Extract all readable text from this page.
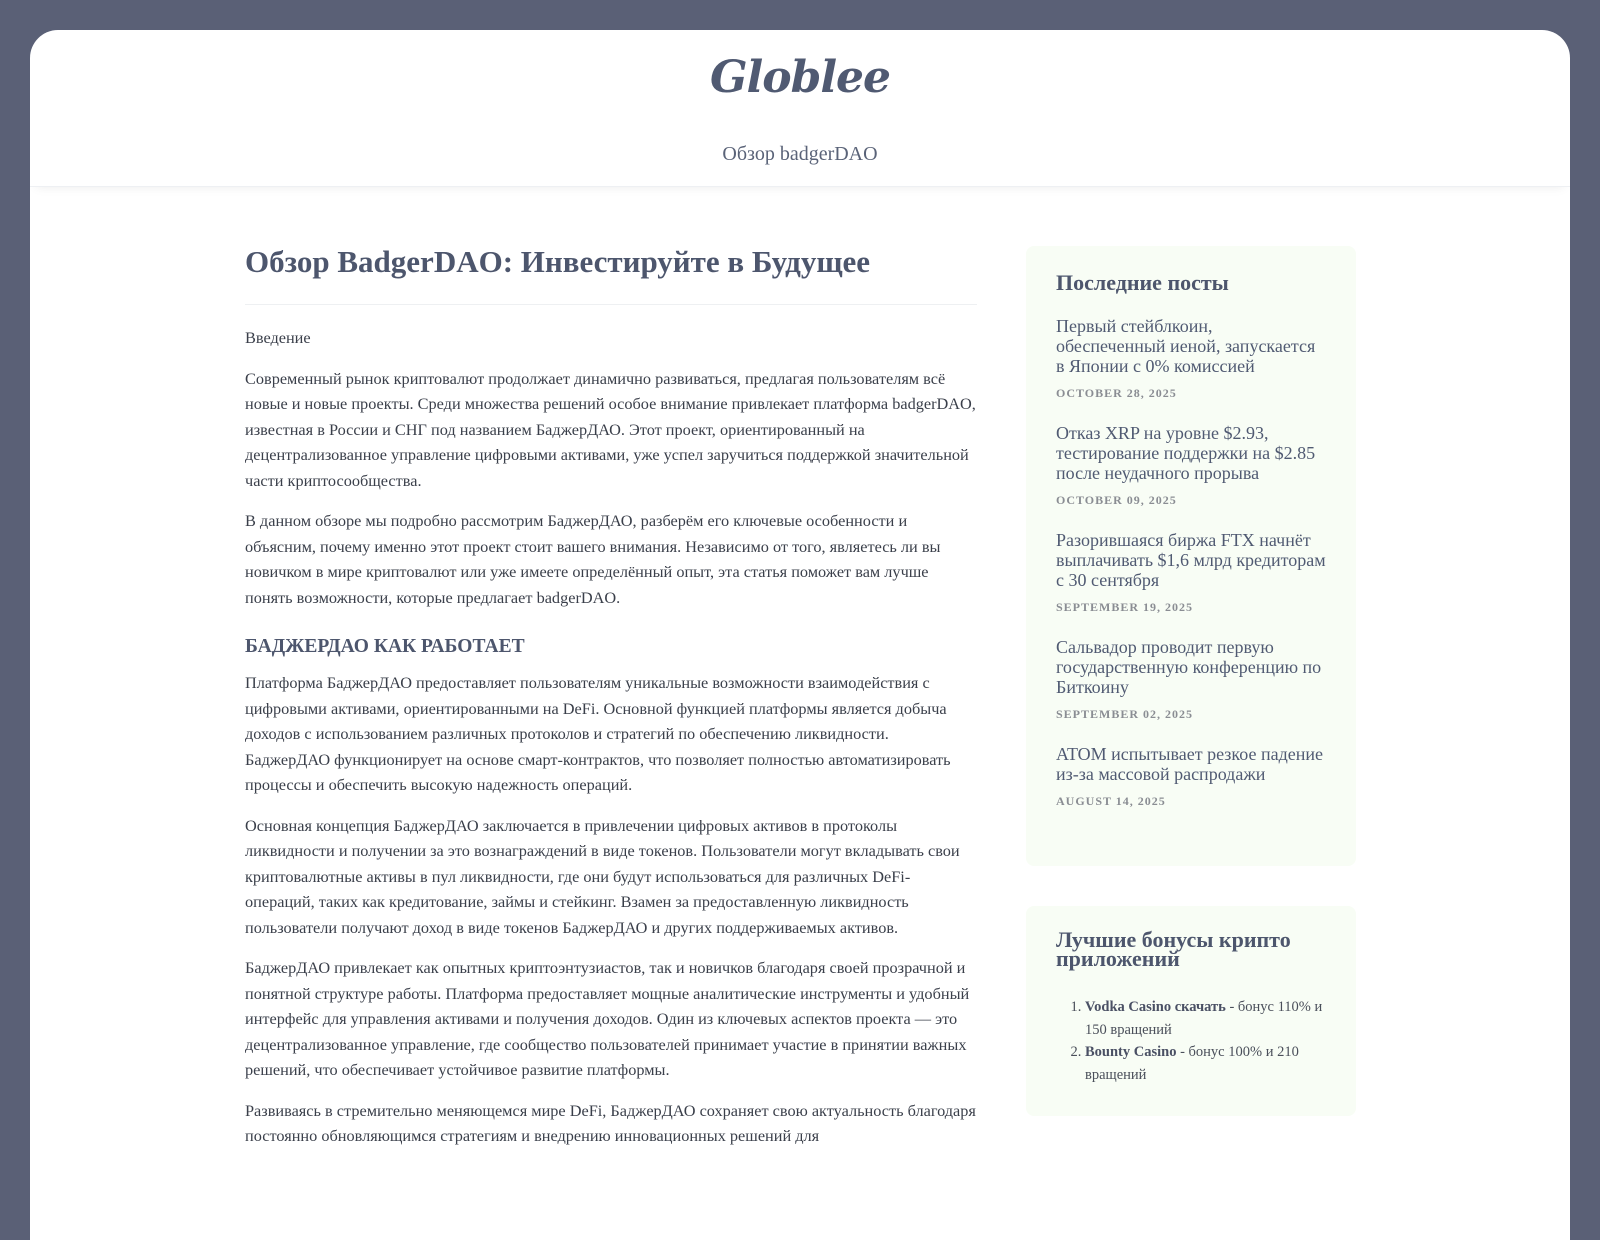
Globlee
Обзор badgerDAO
Обзор BadgerDAO: Инвестируйте в Будущее

Введение

Современный рынок криптовалют продолжает динамично развиваться, предлагая пользователям всё новые и новые проекты. Среди множества решений особое внимание привлекает платформа badgerDAO, известная в России и СНГ под названием БаджерДАО. Этот проект, ориентированный на децентрализованное управление цифровыми активами, уже успел заручиться поддержкой значительной части криптосообщества.

В данном обзоре мы подробно рассмотрим БаджерДАО, разберём его ключевые особенности и объясним, почему именно этот проект стоит вашего внимания. Независимо от того, являетесь ли вы новичком в мире криптовалют или уже имеете определённый опыт, эта статья поможет вам лучше понять возможности, которые предлагает badgerDAO.

БАДЖЕРДАО КАК РАБОТАЕТ

Платформа БаджерДАО предоставляет пользователям уникальные возможности взаимодействия с цифровыми активами, ориентированными на DeFi. Основной функцией платформы является добыча доходов с использованием различных протоколов и стратегий по обеспечению ликвидности. БаджерДАО функционирует на основе смарт-контрактов, что позволяет полностью автоматизировать процессы и обеспечить высокую надежность операций.

Основная концепция БаджерДАО заключается в привлечении цифровых активов в протоколы ликвидности и получении за это вознаграждений в виде токенов. Пользователи могут вкладывать свои криптовалютные активы в пул ликвидности, где они будут использоваться для различных DeFi-операций, таких как кредитование, займы и стейкинг. Взамен за предоставленную ликвидность пользователи получают доход в виде токенов БаджерДАО и других поддерживаемых активов.

БаджерДАО привлекает как опытных криптоэнтузиастов, так и новичков благодаря своей прозрачной и понятной структуре работы. Платформа предоставляет мощные аналитические инструменты и удобный интерфейс для управления активами и получения доходов. Один из ключевых аспектов проекта — это децентрализованное управление, где сообщество пользователей принимает участие в принятии важных решений, что обеспечивает устойчивое развитие платформы.

Развиваясь в стремительно меняющемся мире DeFi, БаджерДАО сохраняет свою актуальность благодаря постоянно обновляющимся стратегиям и внедрению инновационных решений для

Последние посты
Первый стейблкоин, обеспеченный иеной, запускается в Японии с 0% комиссией
OCTOBER 28, 2025
Отказ XRP на уровне $2.93, тестирование поддержки на $2.85 после неудачного прорыва
OCTOBER 09, 2025
Разорившаяся биржа FTX начнёт выплачивать $1,6 млрд кредиторам с 30 сентября
SEPTEMBER 19, 2025
Сальвадор проводит первую государственную конференцию по Биткоину
SEPTEMBER 02, 2025
ATOM испытывает резкое падение из-за массовой распродажи
AUGUST 14, 2025
Лучшие бонусы крипто приложений
1. Vodka Casino скачать - бонус 110% и 150 вращений
2. Bounty Casino - бонус 100% и 210 вращений
